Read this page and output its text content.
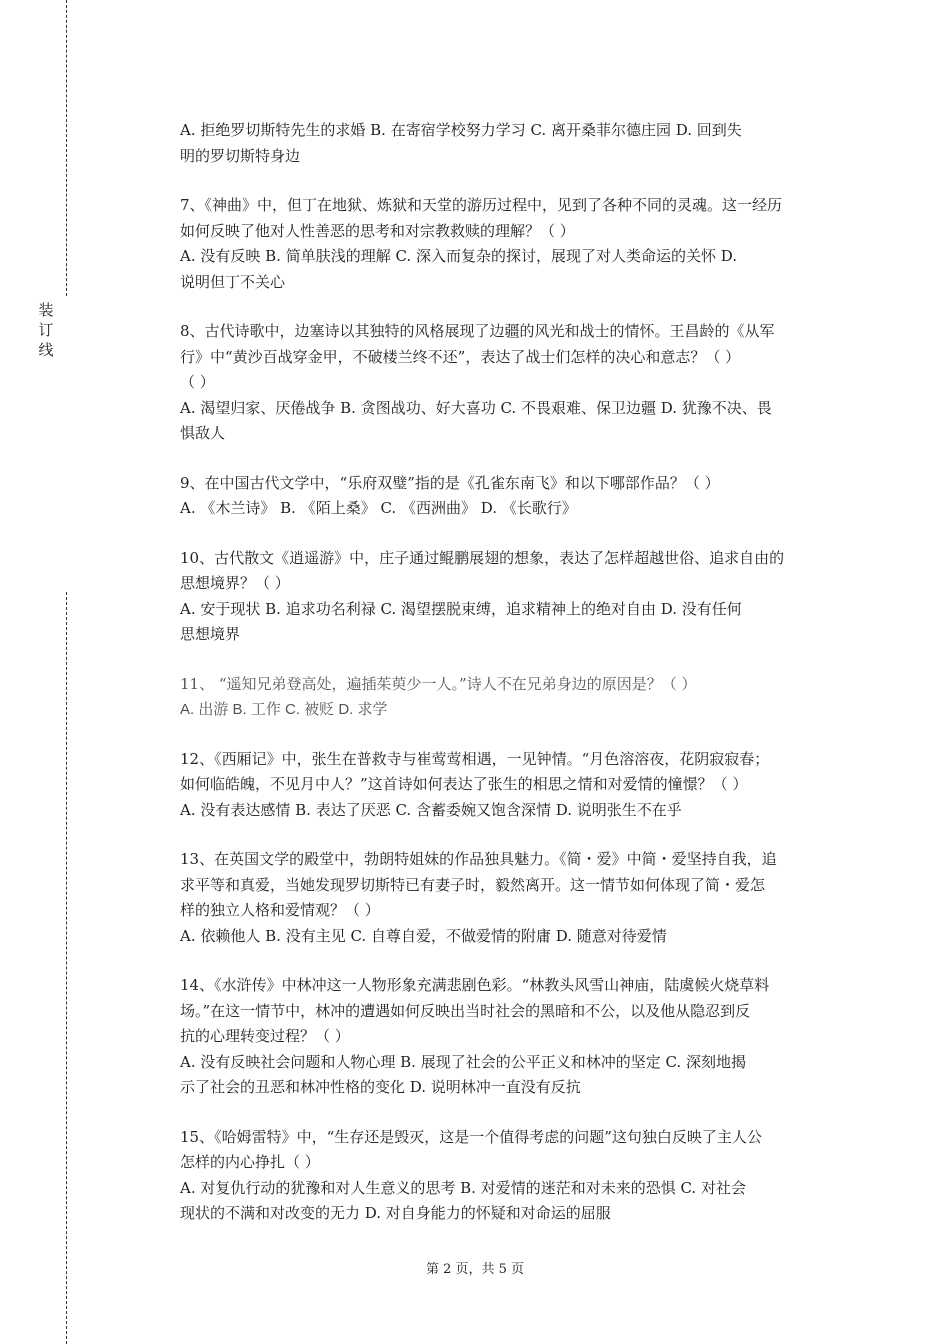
装
订
线
A. 拒绝罗切斯特先生的求婚 B. 在寄宿学校努力学习 C. 离开桑菲尔德庄园 D. 回到失
明的罗切斯特身边
7、《神曲》中，但丁在地狱、炼狱和天堂的游历过程中，见到了各种不同的灵魂。这一经历
如何反映了他对人性善恶的思考和对宗教救赎的理解？（ ）
A. 没有反映 B. 简单肤浅的理解 C. 深入而复杂的探讨，展现了对人类命运的关怀 D.
说明但丁不关心
8、古代诗歌中，边塞诗以其独特的风格展现了边疆的风光和战士的情怀。王昌龄的《从军
行》中“黄沙百战穿金甲，不破楼兰终不还”，表达了战士们怎样的决心和意志？（ ）
（ ）
A. 渴望归家、厌倦战争 B. 贪图战功、好大喜功 C. 不畏艰难、保卫边疆 D. 犹豫不决、畏
惧敌人
9、在中国古代文学中，“乐府双璧”指的是《孔雀东南飞》和以下哪部作品？（ ）
A. 《木兰诗》 B. 《陌上桑》 C. 《西洲曲》 D. 《长歌行》
10、古代散文《逍遥游》中，庄子通过鲲鹏展翅的想象，表达了怎样超越世俗、追求自由的
思想境界？（ ）
A. 安于现状 B. 追求功名利禄 C. 渴望摆脱束缚，追求精神上的绝对自由 D. 没有任何
思想境界
11、 “遥知兄弟登高处，遍插茱萸少一人。”诗人不在兄弟身边的原因是？（ ）
A. 出游 B. 工作 C. 被贬 D. 求学
12、《西厢记》中，张生在普救寺与崔莺莺相遇，一见钟情。“月色溶溶夜，花阴寂寂春；
如何临皓魄，不见月中人？”这首诗如何表达了张生的相思之情和对爱情的憧憬？（ ）
A. 没有表达感情 B. 表达了厌恶 C. 含蓄委婉又饱含深情 D. 说明张生不在乎
13、在英国文学的殿堂中，勃朗特姐妹的作品独具魅力。《简・爱》中简・爱坚持自我，追
求平等和真爱，当她发现罗切斯特已有妻子时，毅然离开。这一情节如何体现了简・爱怎
样的独立人格和爱情观？（ ）
A. 依赖他人 B. 没有主见 C. 自尊自爱，不做爱情的附庸 D. 随意对待爱情
14、《水浒传》中林冲这一人物形象充满悲剧色彩。“林教头风雪山神庙，陆虞候火烧草料
场。”在这一情节中，林冲的遭遇如何反映出当时社会的黑暗和不公，以及他从隐忍到反
抗的心理转变过程？（ ）
A. 没有反映社会问题和人物心理 B. 展现了社会的公平正义和林冲的坚定 C. 深刻地揭
示了社会的丑恶和林冲性格的变化 D. 说明林冲一直没有反抗
15、《哈姆雷特》中，“生存还是毁灭，这是一个值得考虑的问题”这句独白反映了主人公
怎样的内心挣扎（ ）
A. 对复仇行动的犹豫和对人生意义的思考 B. 对爱情的迷茫和对未来的恐惧 C. 对社会
现状的不满和对改变的无力 D. 对自身能力的怀疑和对命运的屈服
第 2 页，共 5 页
